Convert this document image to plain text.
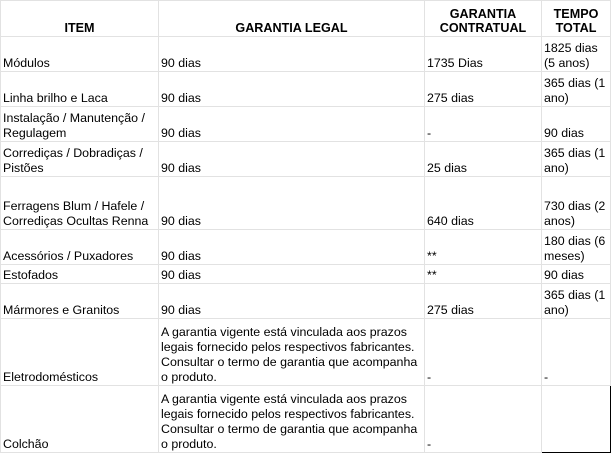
ITEM	GARANTIA LEGAL	GARANTIA CONTRATUAL	TEMPO TOTAL
Módulos	90 dias	1735 Dias	1825 dias (5 anos)
Linha brilho e Laca	90 dias	275 dias	365 dias (1 ano)
Instalação / Manutenção / Regulagem	90 dias	-	90 dias
Corrediças / Dobradiças / Pistões	90 dias	25 dias	365 dias (1 ano)
Ferragens Blum / Hafele / Corrediças Ocultas Renna	90 dias	640 dias	730 dias (2 anos)
Acessórios / Puxadores	90 dias	**	180 dias (6 meses)
Estofados	90 dias	**	90 dias
Mármores e Granitos	90 dias	275 dias	365 dias (1 ano)
Eletrodomésticos	A garantia vigente está vinculada aos prazos legais fornecido pelos respectivos fabricantes. Consultar o termo de garantia que acompanha o produto.	-	-
Colchão	A garantia vigente está vinculada aos prazos legais fornecido pelos respectivos fabricantes. Consultar o termo de garantia que acompanha o produto.	-	
